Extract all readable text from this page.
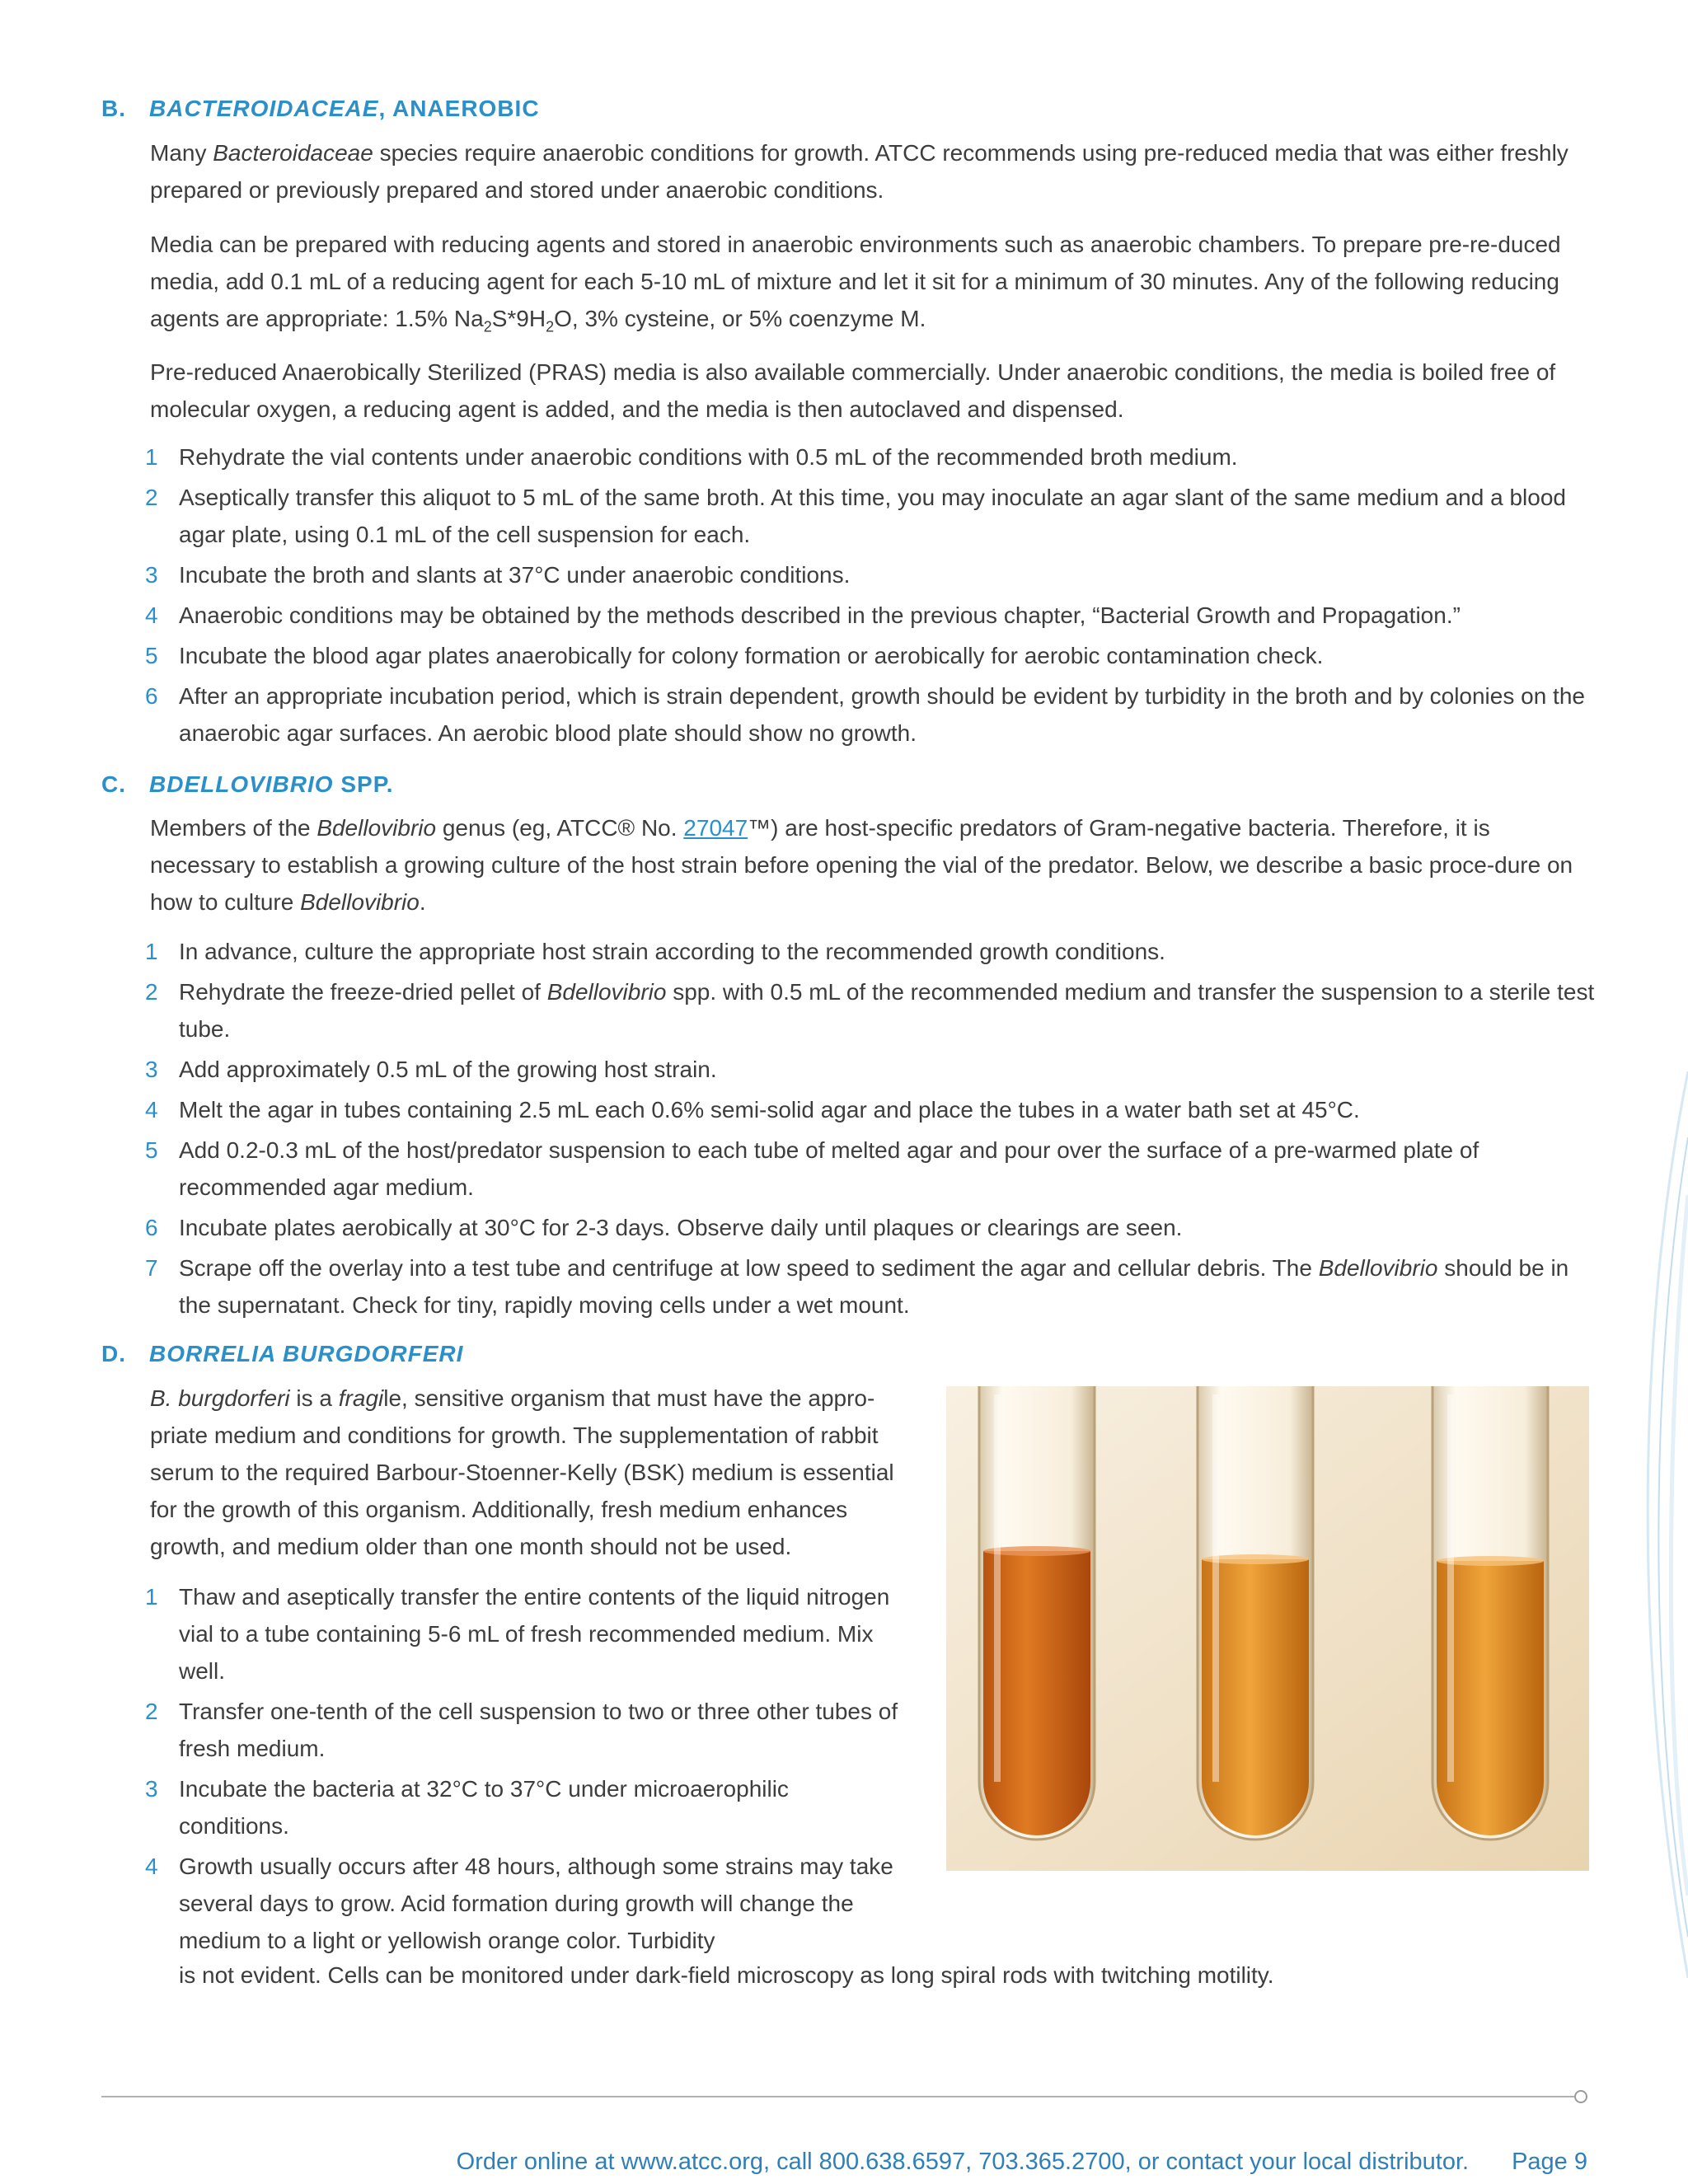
B. BACTEROIDACEAE, ANAEROBIC

Many Bacteroidaceae species require anaerobic conditions for growth. ATCC recommends using pre-reduced media that was either freshly prepared or previously prepared and stored under anaerobic conditions.

Media can be prepared with reducing agents and stored in anaerobic environments such as anaerobic chambers. To prepare pre-re-duced media, add 0.1 mL of a reducing agent for each 5-10 mL of mixture and let it sit for a minimum of 30 minutes. Any of the following reducing agents are appropriate: 1.5% $Na_2S*9H_2O$, 3% cysteine, or 5% coenzyme M.

Pre-reduced Anaerobically Sterilized (PRAS) media is also available commercially. Under anaerobic conditions, the media is boiled free of molecular oxygen, a reducing agent is added, and the media is then autoclaved and dispensed.

1 Rehydrate the vial contents under anaerobic conditions with 0.5 mL of the recommended broth medium.
2 Aseptically transfer this aliquot to 5 mL of the same broth. At this time, you may inoculate an agar slant of the same medium and a blood agar plate, using 0.1 mL of the cell suspension for each.
3 Incubate the broth and slants at 37°C under anaerobic conditions.
4 Anaerobic conditions may be obtained by the methods described in the previous chapter, “Bacterial Growth and Propagation.”
5 Incubate the blood agar plates anaerobically for colony formation or aerobically for aerobic contamination check.
6 After an appropriate incubation period, which is strain dependent, growth should be evident by turbidity in the broth and by colonies on the anaerobic agar surfaces. An aerobic blood plate should show no growth.
C. BDELLOVIBRIO SPP.

Members of the Bdellovibrio genus (eg, ATCC® No. 27047™) are host-specific predators of Gram-negative bacteria. Therefore, it is necessary to establish a growing culture of the host strain before opening the vial of the predator. Below, we describe a basic proce-dure on how to culture Bdellovibrio.

1 In advance, culture the appropriate host strain according to the recommended growth conditions.
2 Rehydrate the freeze-dried pellet of Bdellovibrio spp. with 0.5 mL of the recommended medium and transfer the suspension to a sterile test tube.
3 Add approximately 0.5 mL of the growing host strain.
4 Melt the agar in tubes containing 2.5 mL each 0.6% semi-solid agar and place the tubes in a water bath set at 45°C.
5 Add 0.2-0.3 mL of the host/predator suspension to each tube of melted agar and pour over the surface of a pre-warmed plate of recommended agar medium.
6 Incubate plates aerobically at 30°C for 2-3 days. Observe daily until plaques or clearings are seen.
7 Scrape off the overlay into a test tube and centrifuge at low speed to sediment the agar and cellular debris. The Bdellovibrio should be in the supernatant. Check for tiny, rapidly moving cells under a wet mount.
D. BORRELIA BURGDORFERI

B. burgdorferi is a fragile, sensitive organism that must have the appro-priate medium and conditions for growth. The supplementation of rabbit serum to the required Barbour-Stoenner-Kelly (BSK) medium is essential for the growth of this organism. Additionally, fresh medium enhances growth, and medium older than one month should not be used.

1 Thaw and aseptically transfer the entire contents of the liquid nitrogen vial to a tube containing 5-6 mL of fresh recommended medium. Mix well.
2 Transfer one-tenth of the cell suspension to two or three other tubes of fresh medium.
3 Incubate the bacteria at 32°C to 37°C under microaerophilic conditions.
4 Growth usually occurs after 48 hours, although some strains may take several days to grow. Acid formation during growth will change the medium to a light or yellowish orange color. Turbidity

is not evident. Cells can be monitored under dark-field microscopy as long spiral rods with twitching motility.

Order online at www.atcc.org, call 800.638.6597, 703.365.2700, or contact your local distributor. Page 9
